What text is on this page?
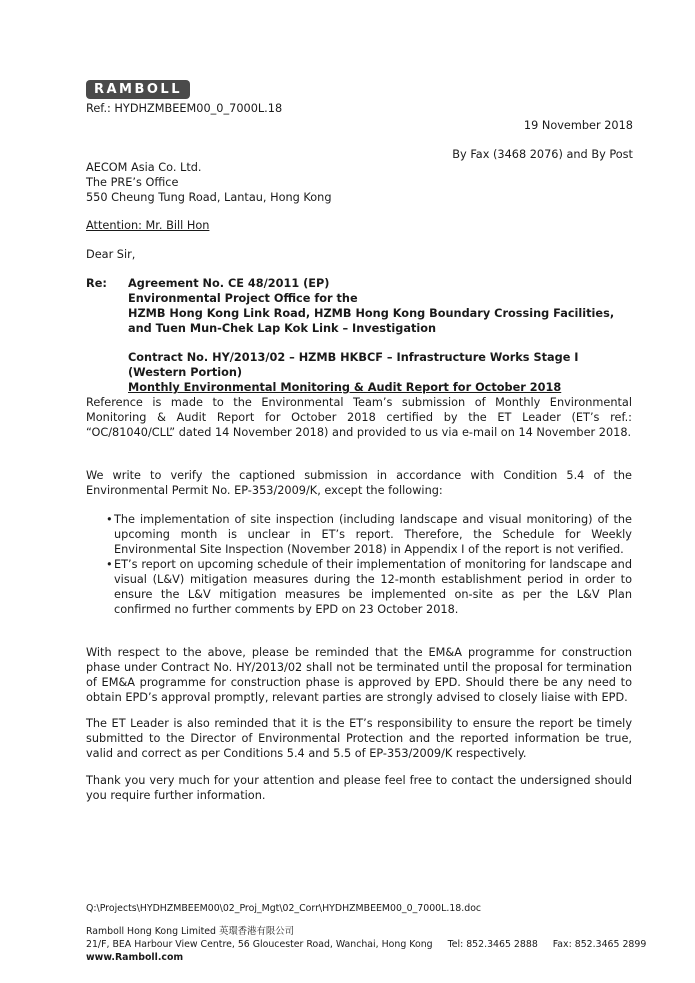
RAMBOLL
Ref.: HYDHZMBEEM00_0_7000L.18
19 November 2018
By Fax (3468 2076) and By Post
AECOM Asia Co. Ltd.
The PRE’s Office
550 Cheung Tung Road, Lantau, Hong Kong
Attention: Mr. Bill Hon
Dear Sir,
Re: Agreement No. CE 48/2011 (EP)
Environmental Project Office for the
HZMB Hong Kong Link Road, HZMB Hong Kong Boundary Crossing Facilities, and Tuen Mun-Chek Lap Kok Link – Investigation
Contract No. HY/2013/02 – HZMB HKBCF – Infrastructure Works Stage I (Western Portion)
Monthly Environmental Monitoring & Audit Report for October 2018
Reference is made to the Environmental Team’s submission of Monthly Environmental Monitoring & Audit Report for October 2018 certified by the ET Leader (ET’s ref.: “OC/81040/CLL” dated 14 November 2018) and provided to us via e-mail on 14 November 2018.
We write to verify the captioned submission in accordance with Condition 5.4 of the Environmental Permit No. EP-353/2009/K, except the following:
• The implementation of site inspection (including landscape and visual monitoring) of the upcoming month is unclear in ET’s report. Therefore, the Schedule for Weekly Environmental Site Inspection (November 2018) in Appendix I of the report is not verified.
• ET’s report on upcoming schedule of their implementation of monitoring for landscape and visual (L&V) mitigation measures during the 12-month establishment period in order to ensure the L&V mitigation measures be implemented on-site as per the L&V Plan confirmed no further comments by EPD on 23 October 2018.
With respect to the above, please be reminded that the EM&A programme for construction phase under Contract No. HY/2013/02 shall not be terminated until the proposal for termination of EM&A programme for construction phase is approved by EPD. Should there be any need to obtain EPD’s approval promptly, relevant parties are strongly advised to closely liaise with EPD.
The ET Leader is also reminded that it is the ET’s responsibility to ensure the report be timely submitted to the Director of Environmental Protection and the reported information be true, valid and correct as per Conditions 5.4 and 5.5 of EP-353/2009/K respectively.
Thank you very much for your attention and please feel free to contact the undersigned should you require further information.
Q:\Projects\HYDHZMBEEM00\02_Proj_Mgt\02_Corr\HYDHZMBEEM00_0_7000L.18.doc
Ramboll Hong Kong Limited 英環香港有限公司
21/F, BEA Harbour View Centre, 56 Gloucester Road, Wanchai, Hong Kong Tel: 852.3465 2888 Fax: 852.3465 2899
www.Ramboll.com
